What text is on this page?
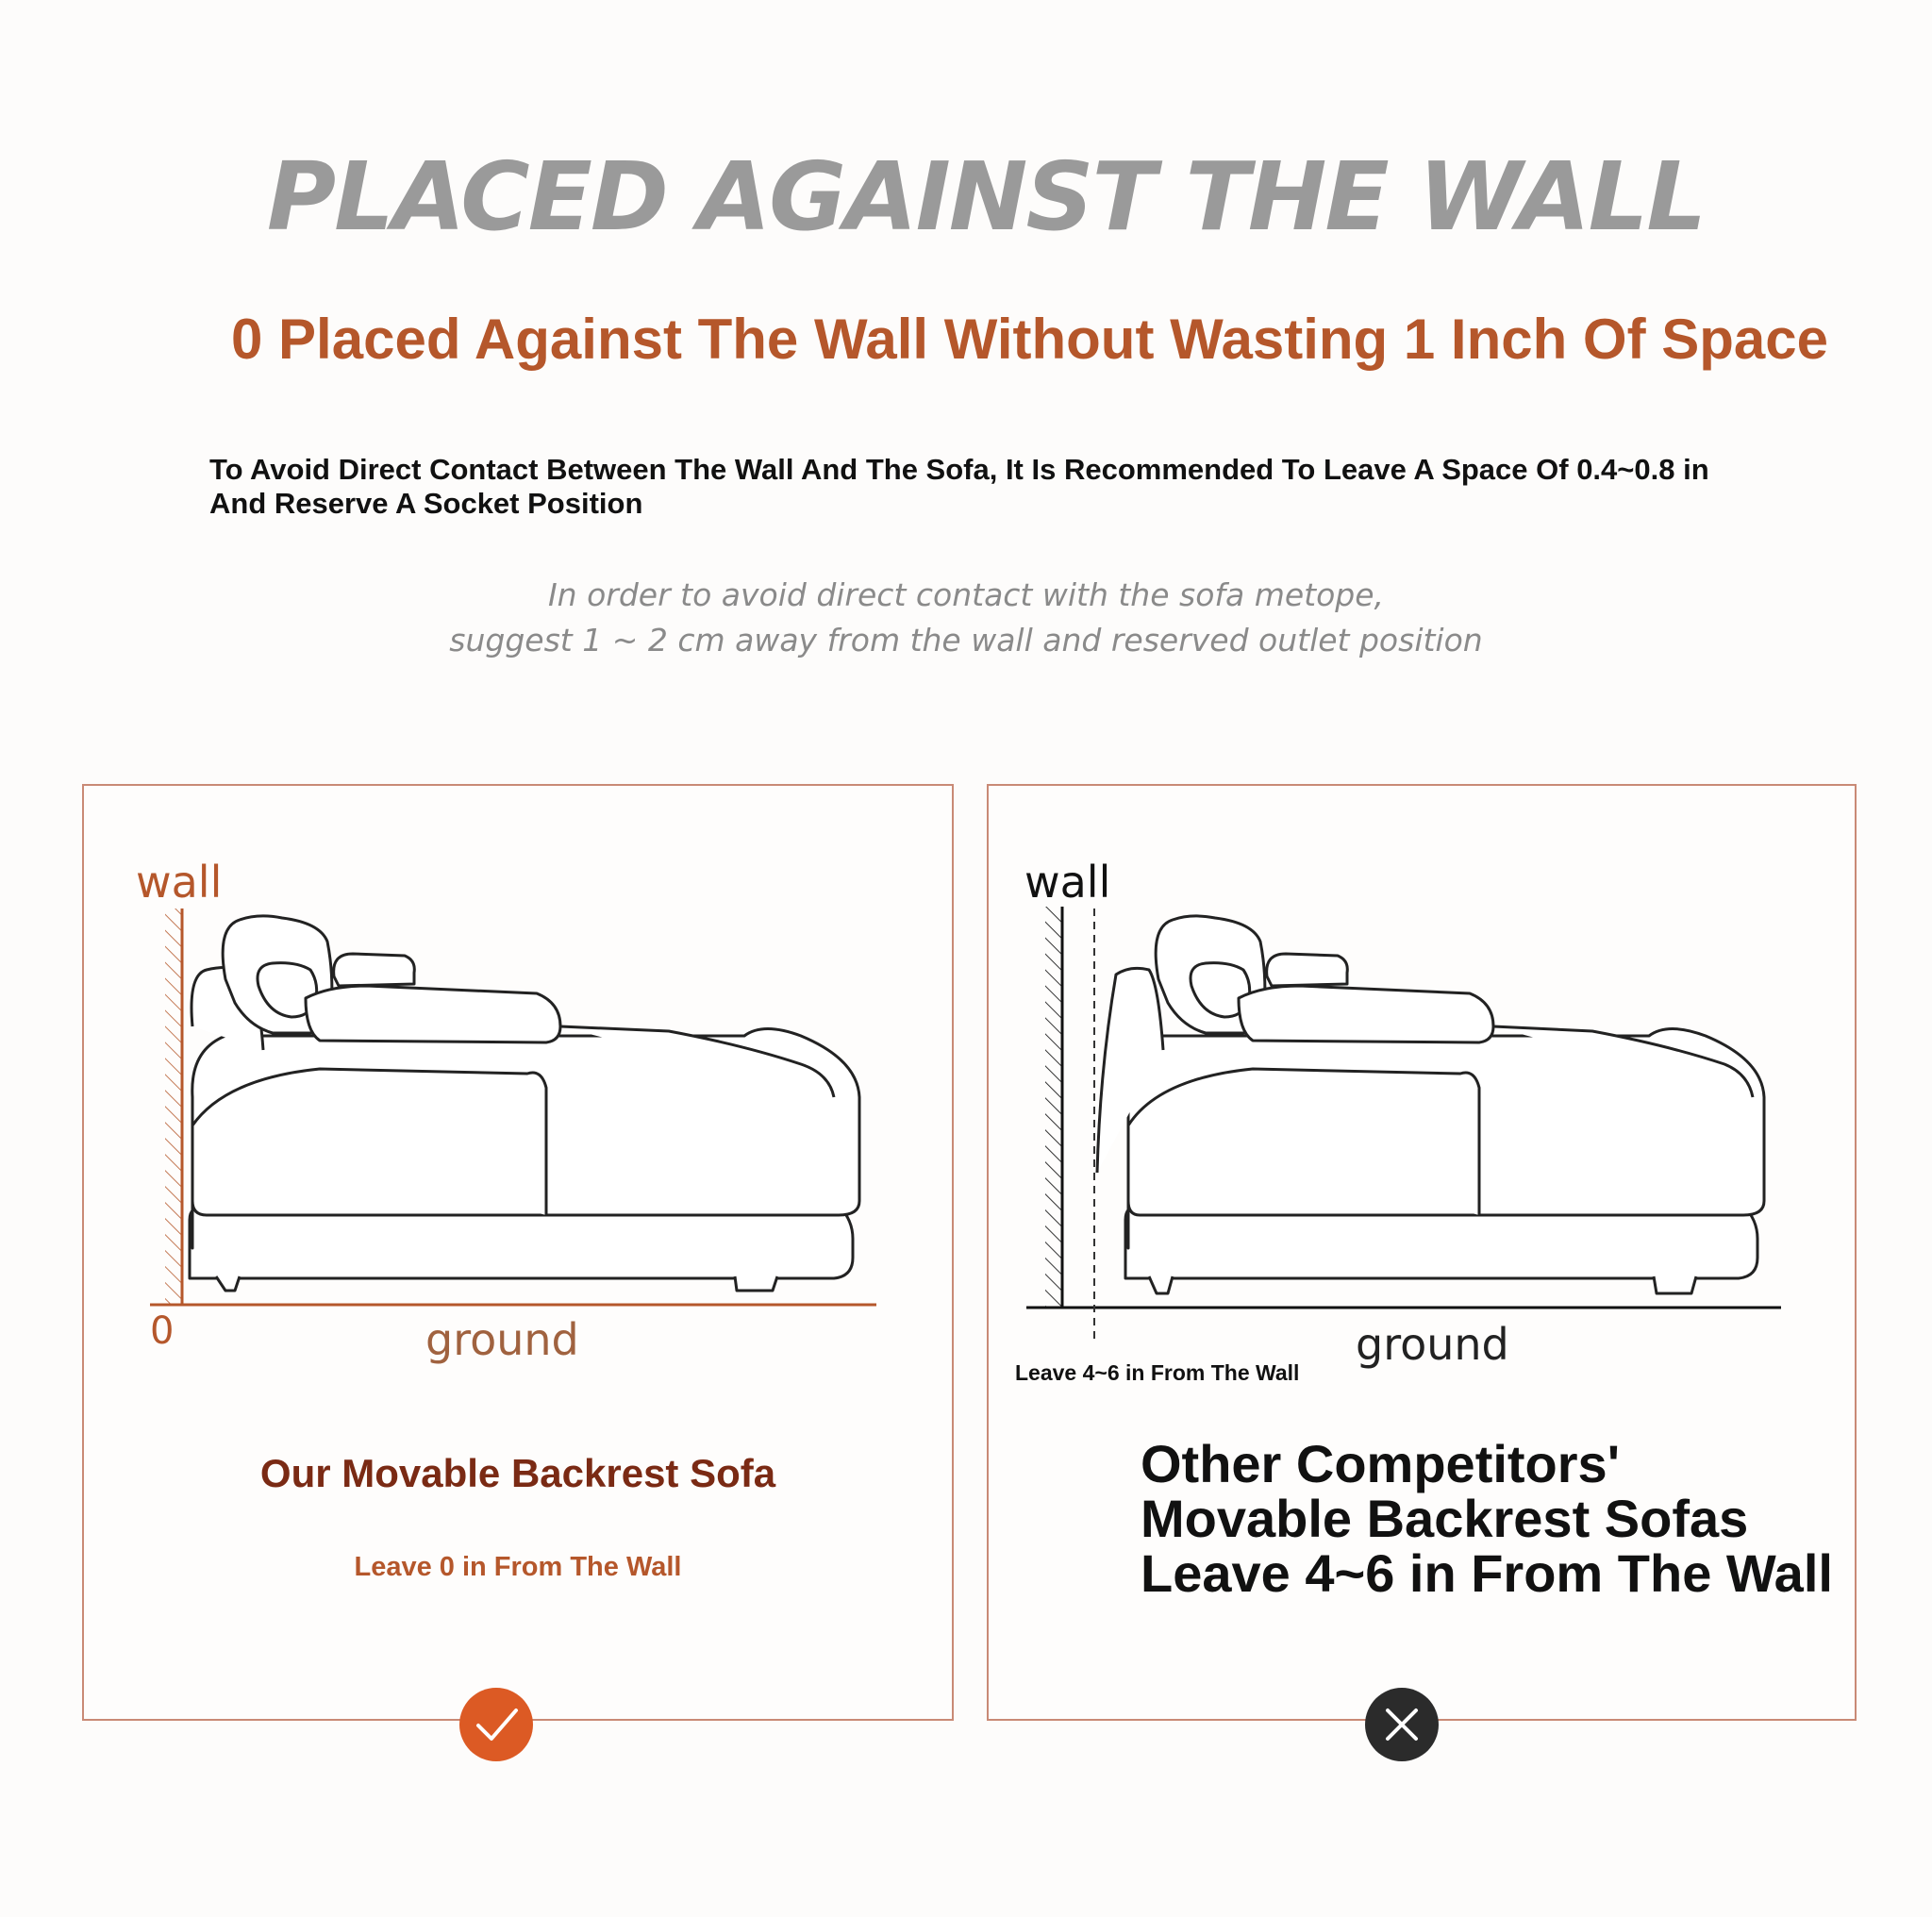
PLACED AGAINST THE WALL
0 Placed Against The Wall Without Wasting 1 Inch Of Space
To Avoid Direct Contact Between The Wall And The Sofa, It Is Recommended To Leave A Space Of 0.4~0.8 in And Reserve A Socket Position
In order to avoid direct contact with the sofa metope,
suggest 1 ~ 2 cm away from the wall and reserved outlet position
wall
0	ground
Our Movable Backrest Sofa
Leave 0 in From The Wall
wall
ground
Leave 4~6 in From The Wall
Other Competitors'
Movable Backrest Sofas
Leave 4~6 in From The Wall
